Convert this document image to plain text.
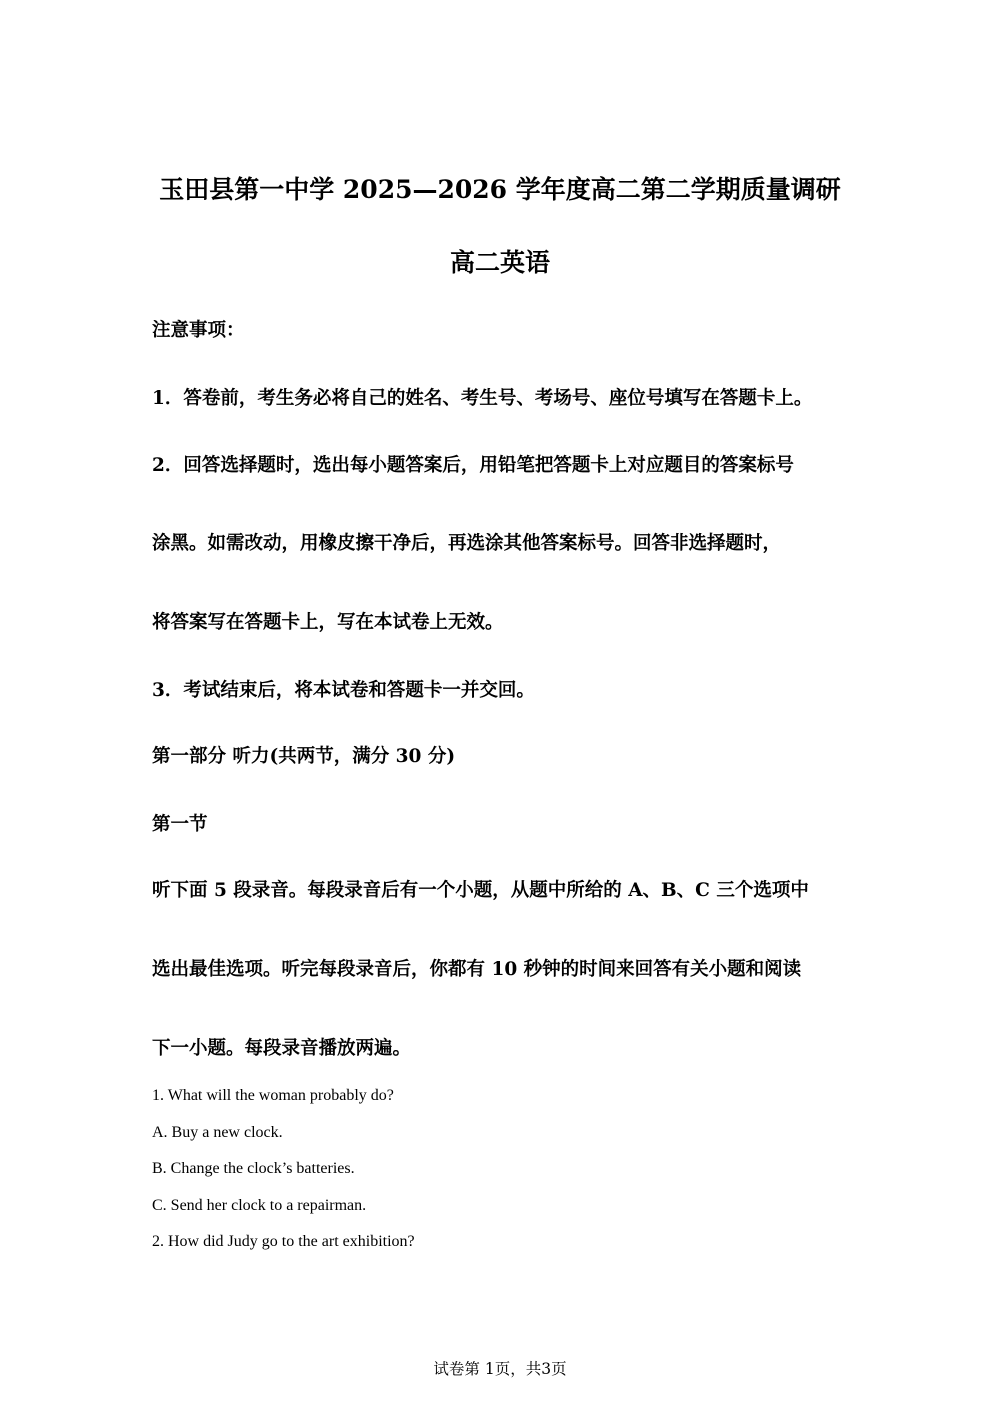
玉田县第一中学 2025—2026 学年度高二第二学期质量调研
高二英语
注意事项：
1．答卷前，考生务必将自己的姓名、考生号、考场号、座位号填写在答题卡上。
2．回答选择题时，选出每小题答案后，用铅笔把答题卡上对应题目的答案标号
涂黑。如需改动，用橡皮擦干净后，再选涂其他答案标号。回答非选择题时，
将答案写在答题卡上，写在本试卷上无效。
3．考试结束后，将本试卷和答题卡一并交回。
第一部分 听力(共两节，满分 30 分)
第一节
听下面 5 段录音。每段录音后有一个小题，从题中所给的 A、B、C 三个选项中
选出最佳选项。听完每段录音后，你都有 10 秒钟的时间来回答有关小题和阅读
下一小题。每段录音播放两遍。
1. What will the woman probably do?
A. Buy a new clock.
B. Change the clock’s batteries.
C. Send her clock to a repairman.
2. How did Judy go to the art exhibition?
试卷第 1页，共3页
